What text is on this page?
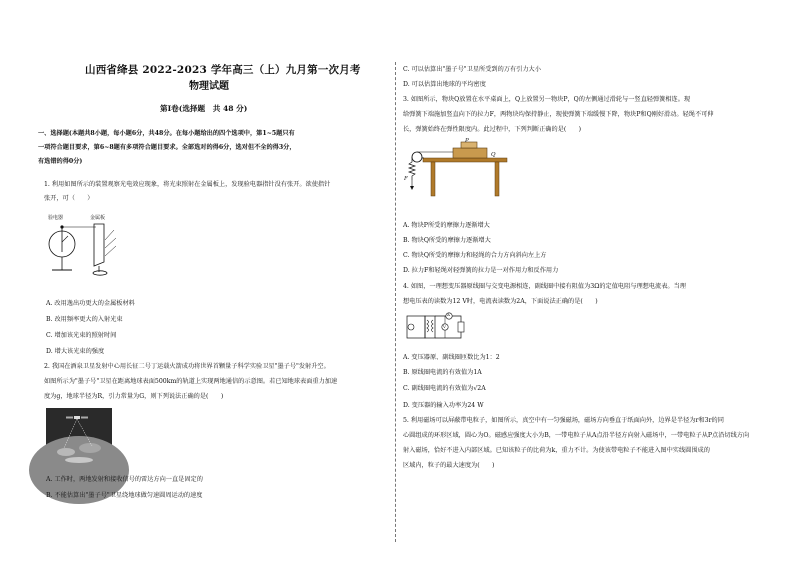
山西省绛县 2022-2023 学年高三（上）九月第一次月考
物理试题
第Ⅰ卷(选择题　共 48 分)
一、选择题(本题共8小题，每小题6分，共48分。在每小题给出的四个选项中，第1~5题只有
一项符合题目要求，第6~8题有多项符合题目要求。全部选对的得6分，选对但不全的得3分，
有选错的得0分)
1. 利用如图所示的装置观察光电效应现象，将光束照射在金属板上，发现验电器指针没有张开。欲使指针
张开，可（　　）
验电器	金属板
A. 改用逸出功更大的金属板材料
B. 改用频率更大的入射光束
C. 增加该光束的照射时间
D. 增大该光束的强度
2. 我国在酒泉卫星发射中心用长征二号丁运载火箭成功将世界首颗量子科学实验卫星"墨子号"发射升空。
如图所示为"墨子号"卫星在距离地球表面500km的轨道上实现两地通信的示意图。若已知地球表面重力加速
度为g，地球半径为R，引力常量为G，则下列说法正确的是(　　)
A. 工作时，两地发射和接收信号的雷达方向一直是固定的
B. 不能估算出"墨子号"卫星绕地球做匀速圆周运动的速度
C. 可以估算出"墨子号"卫星所受到的万有引力大小
D. 可以估算出地球的平均密度
3. 如图所示，物块Q放置在水平桌面上，Q上放置另一物块P，Q的左侧通过滑轮与一竖直轻弹簧相连。现
给弹簧下端施加竖直向下的拉力F，两物块均保持静止，现使弹簧下端缓慢下降，物块P和Q刚好滑动。轻绳不可伸
长，弹簧始终在弹性限度内。此过程中，下列判断正确的是(　　)
F
P
Q
A. 物块P所受的摩擦力逐渐增大
B. 物块Q所受的摩擦力逐渐增大
C. 物块Q所受的摩擦力和轻绳的合力方向斜向左上方
D. 拉力F和轻绳对轻弹簧的拉力是一对作用力和反作用力
4. 如图，一理想变压器原线圈与交变电源相连，副线圈中接有阻值为3Ω的定值电阻与理想电流表。当理
想电压表的读数为12 V时，电流表读数为2A，下面说法正确的是(　　)
A
V
A. 变压器原、副线圈匝数比为1：2
B. 原线圈电流的有效值为1A
C. 副线圈电流的有效值为√2A
D. 变压器的输入功率为24 W
5. 利用磁场可以屏蔽带电粒子，如图所示，真空中有一匀强磁场，磁场方向垂直于纸面向外，边界是半径为r和3r的同
心圆组成的环形区域，圆心为O。磁感应强度大小为B，一带电粒子从A点沿半径方向射入磁场中，一带电粒子从P点沿切线方向
射入磁场，恰好不进入内部区域。已知该粒子的比荷为k，重力不计。为使该带电粒子不能进入图中实线圆围成的
区域内，粒子的最大速度为(　　)
